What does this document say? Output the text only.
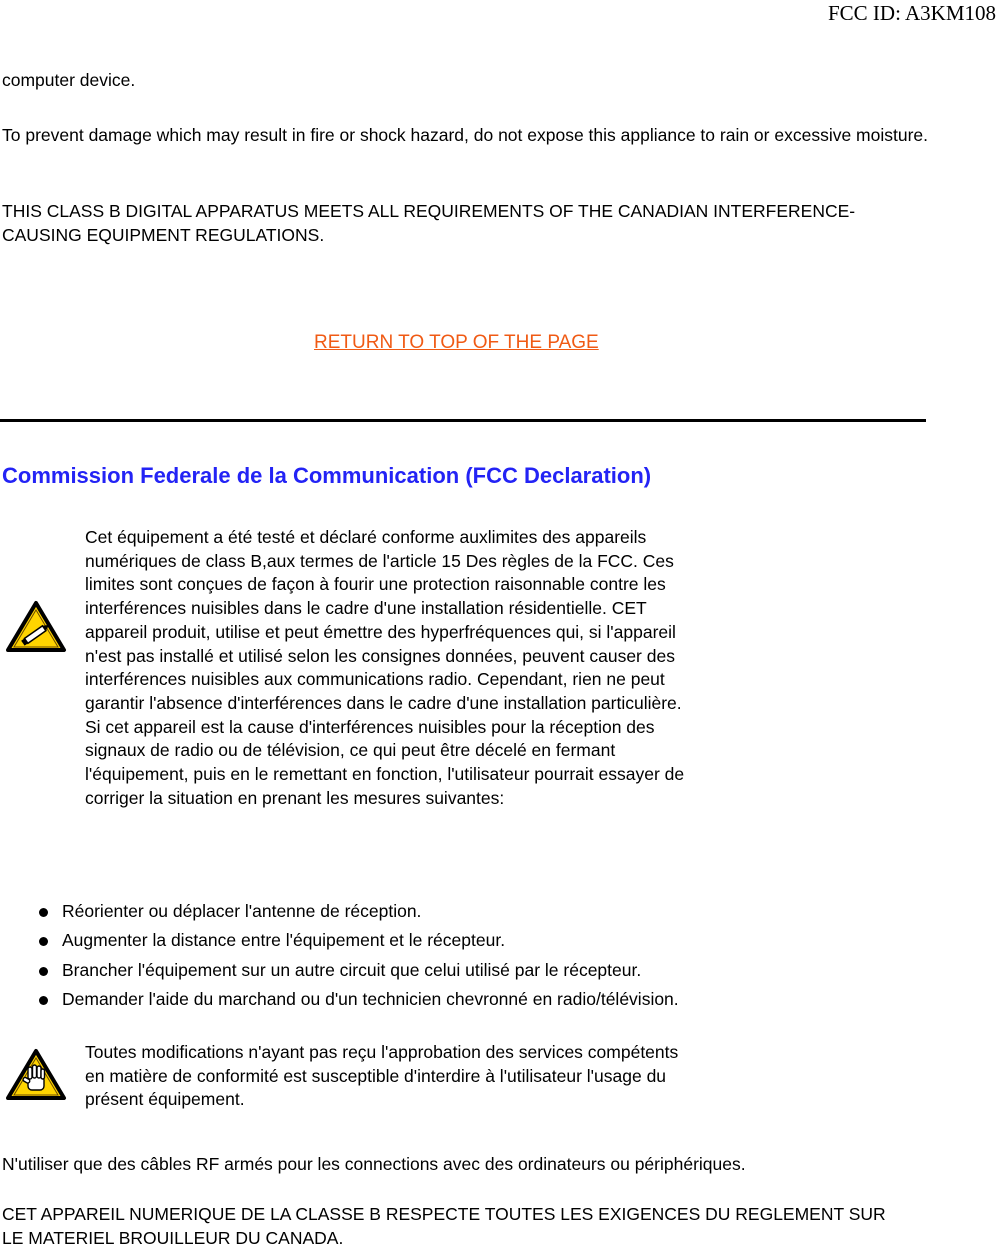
FCC ID: A3KM108

computer device.

To prevent damage which may result in fire or shock hazard, do not expose this appliance to rain or excessive moisture.

THIS CLASS B DIGITAL APPARATUS MEETS ALL REQUIREMENTS OF THE CANADIAN INTERFERENCE-CAUSING EQUIPMENT REGULATIONS.

RETURN TO TOP OF THE PAGE
Commission Federale de la Communication (FCC Declaration)

Cet équipement a été testé et déclaré conforme auxlimites des appareils numériques de class B,aux termes de l'article 15 Des règles de la FCC. Ces limites sont conçues de façon à fourir une protection raisonnable contre les interférences nuisibles dans le cadre d'une installation résidentielle. CET appareil produit, utilise et peut émettre des hyperfréquences qui, si l'appareil n'est pas installé et utilisé selon les consignes données, peuvent causer des interférences nuisibles aux communications radio. Cependant, rien ne peut garantir l'absence d'interférences dans le cadre d'une installation particulière. Si cet appareil est la cause d'interférences nuisibles pour la réception des signaux de radio ou de télévision, ce qui peut être décelé en fermant l'équipement, puis en le remettant en fonction, l'utilisateur pourrait essayer de corriger la situation en prenant les mesures suivantes:

Réorienter ou déplacer l'antenne de réception.
Augmenter la distance entre l'équipement et le récepteur.
Brancher l'équipement sur un autre circuit que celui utilisé par le récepteur.
Demander l'aide du marchand ou d'un technicien chevronné en radio/télévision.

Toutes modifications n'ayant pas reçu l'approbation des services compétents en matière de conformité est susceptible d'interdire à l'utilisateur l'usage du présent équipement.

N'utiliser que des câbles RF armés pour les connections avec des ordinateurs ou périphériques.

CET APPAREIL NUMERIQUE DE LA CLASSE B RESPECTE TOUTES LES EXIGENCES DU REGLEMENT SUR LE MATERIEL BROUILLEUR DU CANADA.
